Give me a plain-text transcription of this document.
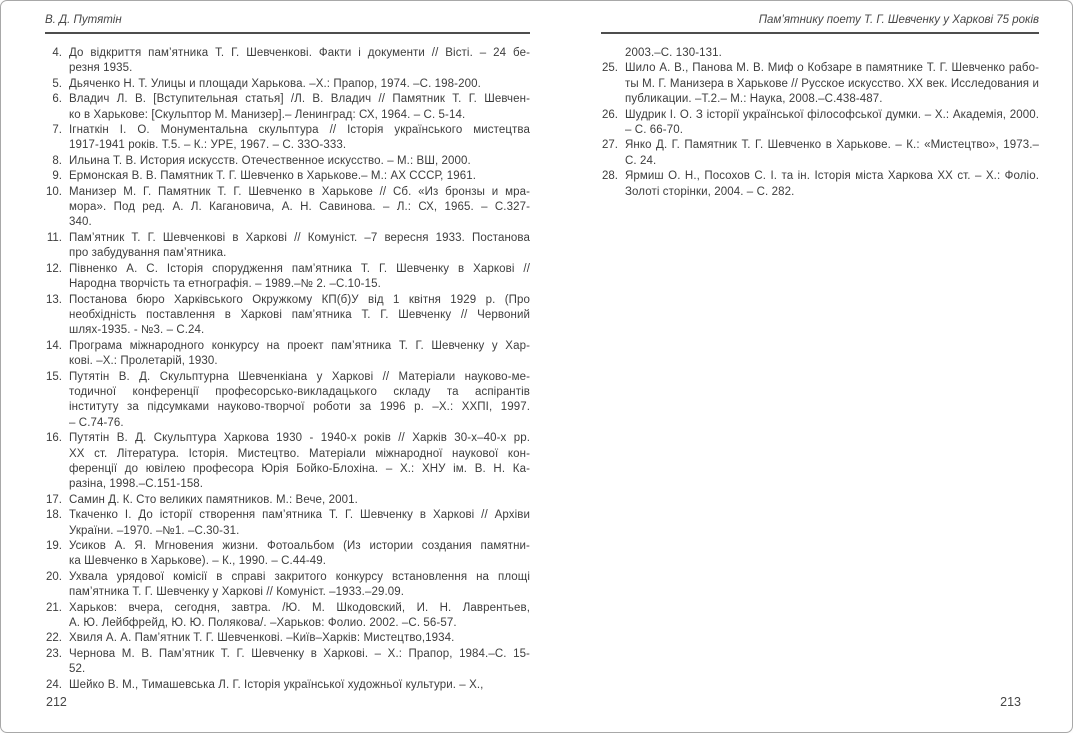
В. Д. Путятін
4. До відкриття пам’ятника Т. Г. Шевченкові. Факти і документи // Вісті. – 24 бе-
резня 1935.
5. Дьяченко Н. Т. Улицы и площади Харькова. –Х.: Прапор, 1974. –С. 198-200.
6. Владич Л. В. [Вступительная статья] /Л. В. Владич // Памятник Т. Г. Шевчен-
ко в Харькове: [Скульптор М. Манизер].– Ленинград: СХ, 1964. – С. 5-14.
7. Ігнаткін І. О. Монументальна скульптура // Історія українського мистецтва
1917-1941 років. Т.5. – К.: УРЕ, 1967. – С. 33О-333.
8. Ильина Т. В. История искусств. Отечественное искусство. – М.: ВШ, 2000.
9. Ермонская В. В. Памятник Т. Г. Шевченко в Харькове.– М.: АХ СССР, 1961.
10. Манизер М. Г. Памятник Т. Г. Шевченко в Харькове // Сб. «Из бронзы и мра-
мора». Под ред. А. Л. Кагановича, А. Н. Савинова. – Л.: СХ, 1965. – С.327-
340.
11. Пам’ятник Т. Г. Шевченкові в Харкові // Комуніст. –7 вересня 1933. Постанова
про забудування пам’ятника.
12. Півненко А. С. Історія спорудження пам’ятника Т. Г. Шевченку в Харкові //
Народна творчість та етнографія. – 1989.–№ 2. –С.10-15.
13. Постанова бюро Харківського Окружкому КП(б)У від 1 квітня 1929 р. (Про
необхідність поставлення в Харкові пам’ятника Т. Г. Шевченку // Червоний
шлях-1935. - №3. – С.24.
14. Програма міжнародного конкурсу на проект пам’ятника Т. Г. Шевченку у Хар-
кові. –Х.: Пролетарій, 1930.
15. Путятін В. Д. Скульптурна Шевченкіана у Харкові // Матеріали науково-ме-
тодичної конференції професорсько-викладацького складу та аспірантів
інституту за підсумками науково-творчої роботи за 1996 р. –Х.: ХХПІ, 1997.
– С.74-76.
16. Путятін В. Д. Скульптура Харкова 1930 - 1940-х років // Харків 30-х–40-х рр.
ХХ ст. Література. Історія. Мистецтво. Матеріали міжнародної наукової кон-
ференції до ювілею професора Юрія Бойко-Блохіна. – Х.: ХНУ ім. В. Н. Ка-
разіна, 1998.–С.151-158.
17. Самин Д. К. Сто великих памятников. М.: Вече, 2001.
18. Ткаченко І. До історії створення пам’ятника Т. Г. Шевченку в Харкові // Архіви
України. –1970. –№1. –С.30-31.
19. Усиков А. Я. Мгновения жизни. Фотоальбом (Из истории создания памятни-
ка Шевченко в Харькове). – К., 1990. – С.44-49.
20. Ухвала урядової комісії в справі закритого конкурсу встановлення на площі
пам’ятника Т. Г. Шевченку у Харкові // Комуніст. –1933.–29.09.
21. Харьков: вчера, сегодня, завтра. /Ю. М. Шкодовский, И. Н. Лаврентьев,
А. Ю. Лейбфрейд, Ю. Ю. Полякова/. –Харьков: Фолио. 2002. –С. 56-57.
22. Хвиля А. А. Пам’ятник Т. Г. Шевченкові. –Київ–Харків: Мистецтво,1934.
23. Чернова М. В. Пам’ятник Т. Г. Шевченку в Харкові. – Х.: Прапор, 1984.–С. 15-
52.
24. Шейко В. М., Тимашевська Л. Г. Історія української художньої культури. – Х.,
Пам’ятнику поету Т. Г. Шевченку у Харкові 75 років
2003.–С. 130-131.
25. Шило А. В., Панова М. В. Миф о Кобзаре в памятнике Т. Г. Шевченко рабо-
ты М. Г. Манизера в Харькове // Русское искусство. ХХ век. Исследования и
публикации. –Т.2.– М.: Наука, 2008.–С.438-487.
26. Шудрик І. О. З історії української філософської думки. – Х.: Академія, 2000.
– С. 66-70.
27. Янко Д. Г. Памятник Т. Г. Шевченко в Харькове. – К.: «Мистецтво», 1973.–
С. 24.
28. Ярмиш О. Н., Посохов С. І. та ін. Історія міста Харкова ХХ ст. – Х.: Фоліо.
Золоті сторінки, 2004. – С. 282.
212	213
